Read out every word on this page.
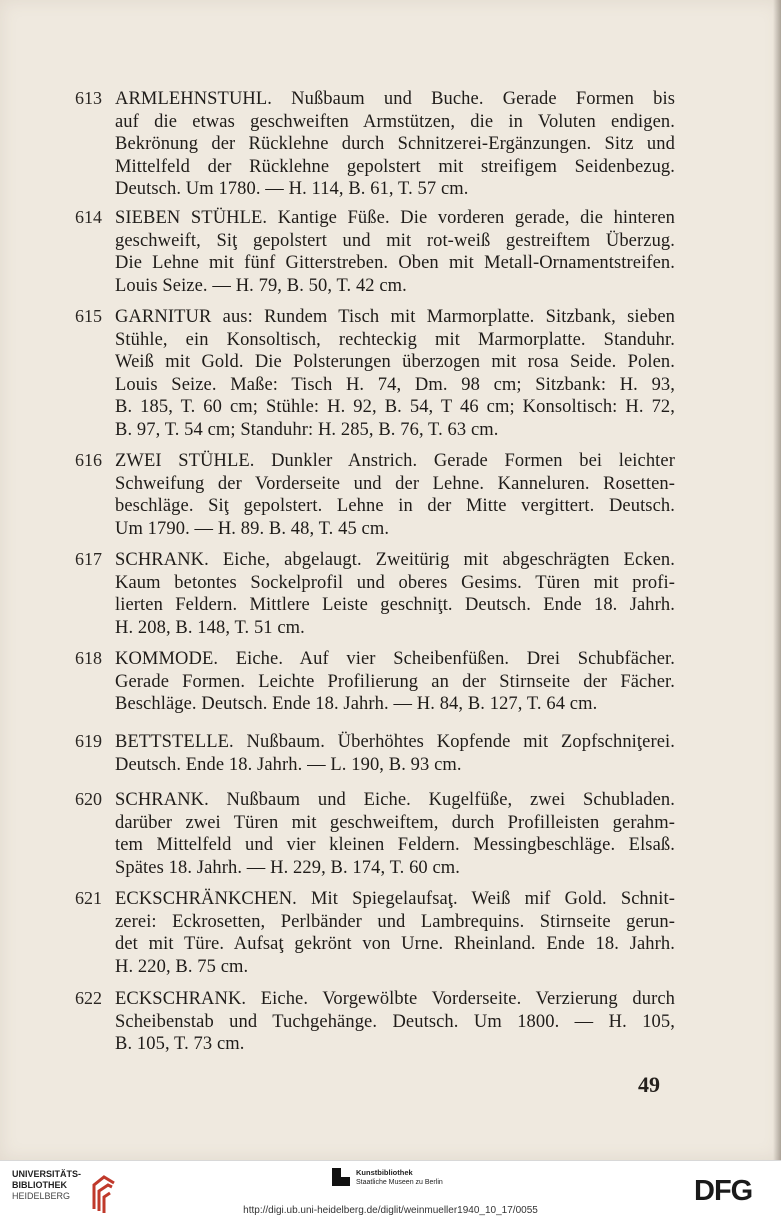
613 ARMLEHNSTUHL. Nußbaum und Buche. Gerade Formen bis
auf die etwas geschweiften Armstützen, die in Voluten endigen.
Bekrönung der Rücklehne durch Schnitzerei-Ergänzungen. Sitz und
Mittelfeld der Rücklehne gepolstert mit streifigem Seidenbezug.
Deutsch. Um 1780. — H. 114, B. 61, T. 57 cm.
614 SIEBEN STÜHLE. Kantige Füße. Die vorderen gerade, die hinteren
geschweift, Siţ gepolstert und mit rot-weiß gestreiftem Überzug.
Die Lehne mit fünf Gitterstreben. Oben mit Metall-Ornamentstreifen.
Louis Seize. — H. 79, B. 50, T. 42 cm.
615 GARNITUR aus: Rundem Tisch mit Marmorplatte. Sitzbank, sieben
Stühle, ein Konsoltisch, rechteckig mit Marmorplatte. Standuhr.
Weiß mit Gold. Die Polsterungen überzogen mit rosa Seide. Polen.
Louis Seize. Maße: Tisch H. 74, Dm. 98 cm; Sitzbank: H. 93,
B. 185, T. 60 cm; Stühle: H. 92, B. 54, T 46 cm; Konsoltisch: H. 72,
B. 97, T. 54 cm; Standuhr: H. 285, B. 76, T. 63 cm.
616 ZWEI STÜHLE. Dunkler Anstrich. Gerade Formen bei leichter
Schweifung der Vorderseite und der Lehne. Kanneluren. Rosetten-
beschläge. Siţ gepolstert. Lehne in der Mitte vergittert. Deutsch.
Um 1790. — H. 89. B. 48, T. 45 cm.
617 SCHRANK. Eiche, abgelaugt. Zweitürig mit abgeschrägten Ecken.
Kaum betontes Sockelprofil und oberes Gesims. Türen mit profi-
lierten Feldern. Mittlere Leiste geschniţt. Deutsch. Ende 18. Jahrh.
H. 208, B. 148, T. 51 cm.
618 KOMMODE. Eiche. Auf vier Scheibenfüßen. Drei Schubfächer.
Gerade Formen. Leichte Profilierung an der Stirnseite der Fächer.
Beschläge. Deutsch. Ende 18. Jahrh. — H. 84, B. 127, T. 64 cm.
619 BETTSTELLE. Nußbaum. Überhöhtes Kopfende mit Zopfschniţerei.
Deutsch. Ende 18. Jahrh. — L. 190, B. 93 cm.
620 SCHRANK. Nußbaum und Eiche. Kugelfüße, zwei Schubladen.
darüber zwei Türen mit geschweiftem, durch Profilleisten gerahm-
tem Mittelfeld und vier kleinen Feldern. Messingbeschläge. Elsaß.
Spätes 18. Jahrh. — H. 229, B. 174, T. 60 cm.
621 ECKSCHRÄNKCHEN. Mit Spiegelaufsaţ. Weiß mif Gold. Schnit-
zerei: Eckrosetten, Perlbänder und Lambrequins. Stirnseite gerun-
det mit Türe. Aufsaţ gekrönt von Urne. Rheinland. Ende 18. Jahrh.
H. 220, B. 75 cm.
622 ECKSCHRANK. Eiche. Vorgewölbte Vorderseite. Verzierung durch
Scheibenstab und Tuchgehänge. Deutsch. Um 1800. — H. 105,
B. 105, T. 73 cm.
49
UNIVERSITÄTS-
BIBLIOTHEK
HEIDELBERG
Kunstbibliothek
Staatliche Museen zu Berlin
http://digi.ub.uni-heidelberg.de/diglit/weinmueller1940_10_17/0055
DFG
